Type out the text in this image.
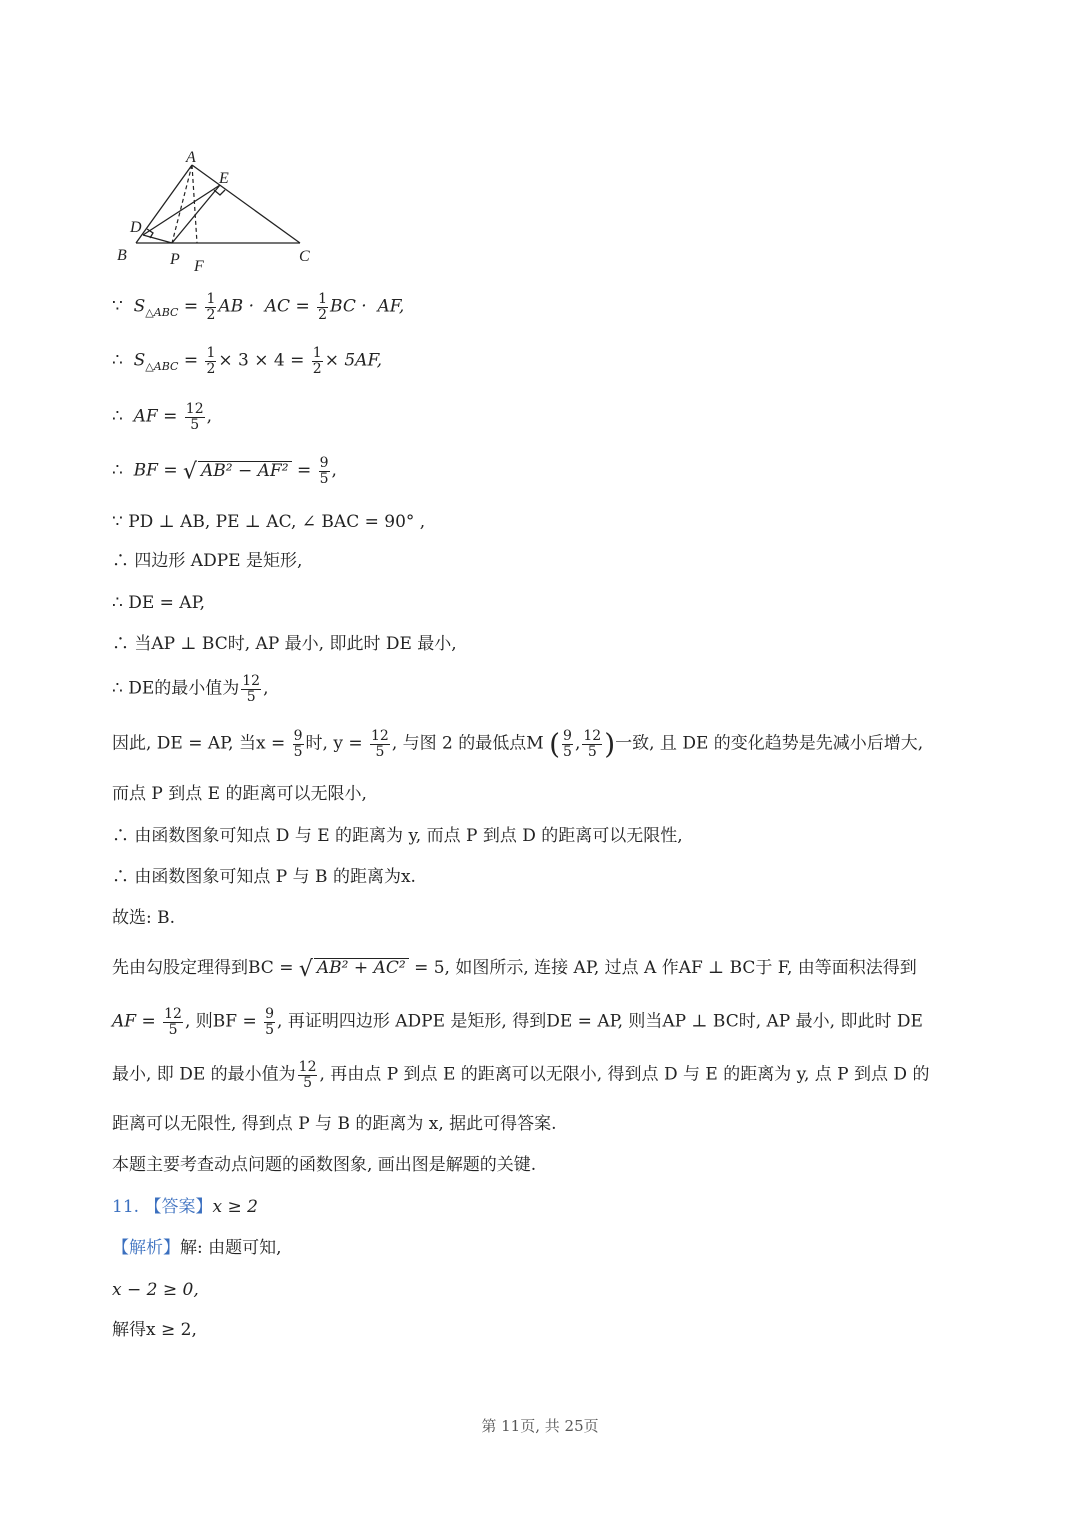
A
E
D
B	P F
C
∵ $S_{\triangle ABC} = \frac{1}{2}$ AB · AC = $\frac{1}{2}$ BC · AF,
∴ $S_{\triangle ABC} = \frac{1}{2} \times 3 \times 4 = \frac{1}{2} \times 5AF$,
∴ AF = $\frac{12}{5}$ ,
∴ BF = √ $AB^2 - AF^2 = \frac{9}{5}$ ,
∵ PD ⊥ AB, PE ⊥ AC, ∠ BAC = 90° ,
∴ 四边形 ADPE 是矩形,
∴ DE = AP,
∴ 当AP ⊥ BC时, AP 最小, 即此时 DE 最小,
∴ DE的最小值为 $\frac{12}{5}$ ,
因此, DE = AP, 当$x = \frac{9}{5}$ 时, $y = \frac{12}{5}$ , 与图 2 的最低点M ( $\frac{9}{5}$ , $\frac{12}{5}$ )一致, 且 DE 的变化趋势是先减小后增大,
而点 P 到点 E 的距离可以无限小,
∴ 由函数图象可知点 D 与 E 的距离为 y, 而点 P 到点 D 的距离可以无限性,
∴ 由函数图象可知点 P 与 B 的距离为x.
故选: B.
先由勾股定理得到BC = √ AB² + AC² = 5, 如图所示, 连接 AP, 过点 A 作AF ⊥ BC于 F, 由等面积法得到
AF = $\frac{12}{5}$ , 则BF = $\frac{9}{5}$ , 再证明四边形 ADPE 是矩形, 得到DE = AP, 则当AP ⊥ BC时, AP 最小, 即此时 DE
最小, 即 DE 的最小值为 $\frac{12}{5}$ , 再由点 P 到点 E 的距离可以无限小, 得到点 D 与 E 的距离为 y, 点 P 到点 D 的
距离可以无限性, 得到点 P 与 B 的距离为 x, 据此可得答案.
本题主要考查动点问题的函数图象, 画出图是解题的关键.
11. 【答案】x ≥ 2
【解析】解: 由题可知,
x − 2 ≥ 0,
解得x ≥ 2,
第 11页, 共 25页
